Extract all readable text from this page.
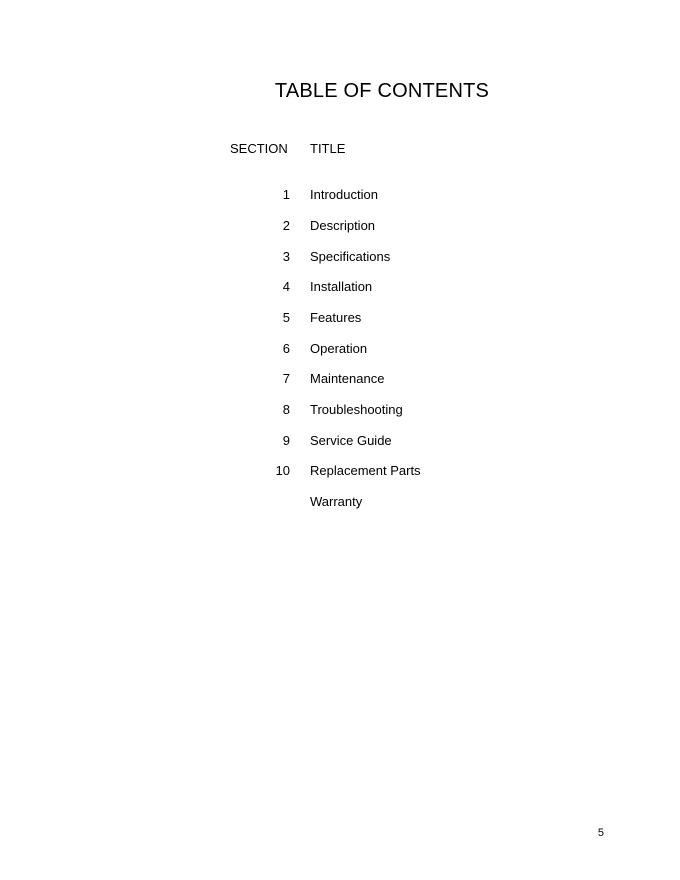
TABLE OF CONTENTS
SECTION TITLE
1 Introduction
2 Description
3 Specifications
4 Installation
5 Features
6 Operation
7 Maintenance
8 Troubleshooting
9 Service Guide
10 Replacement Parts
Warranty
5
